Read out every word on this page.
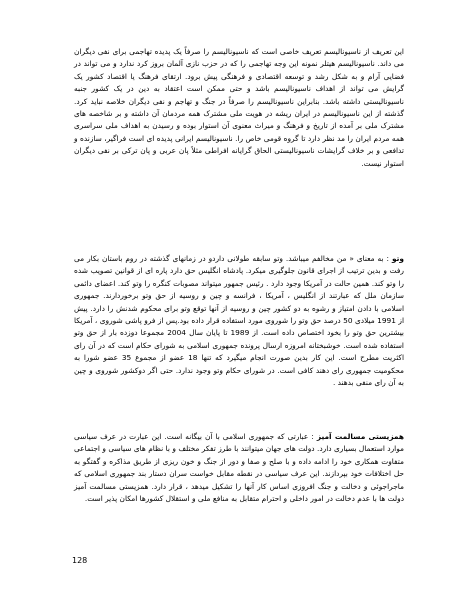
این تعریف از ناسیونالیسم تعریف خاصی است که ناسیونالیسم را صرفاً یک پدیده تهاجمی برای نفی دیگران می داند. ناسیونالیسم هیتلر نمونه این وجه تهاجمی را که در حزب نازی آلمان بروز کرد ندارد و می تواند در فضایی آرام و به شکل رشد و توسعه اقتصادی و فرهنگی پیش برود. ارتقای فرهنگ یا اقتصاد کشور یک گرایش می تواند از اهداف ناسیونالیسم باشد و حتی ممکن است اعتقاد به دین در یک کشور جنبه ناسیونالیستی داشته باشد. بنابراین ناسیونالیسم را صرفاً در جنگ و تهاجم و نفی دیگران خلاصه نباید کرد. گذشته از این ناسیونالیسم در ایران ریشه در هویت ملی مشترک همه مردمان آن داشته و بر شاخصه های مشترک ملی بر آمده از تاریخ و فرهنگ و میراث معنوی آن استوار بوده و رسیدن به اهداف ملی سراسری همه مردم ایران را مد نظر دارد تا گروه قومی خاص را. ناسیونالیسم ایرانی پدیده ای است فراگیر، سازنده و تدافعی و بر خلاف گرایشات ناسیونالیستی الحاق گرایانه افراطی مثلاً پان عربی و پان ترکی بر نفی دیگران استوار نیست.

وتو : به معنای « من مخالفم میباشد. وتو سابقه طولانی داردو در زمانهای گذشته در روم باستان بکار می رفت و بدین ترتیب از اجرای قانون جلوگیری میکرد. پادشاه انگلیس حق دارد پاره ای از قوانین تصویب شده را وتو کند. همین حالت در آمریکا وجود دارد . رئیس جمهور میتواند مصوبات کنگره را وتو کند. اعضای دائمی سازمان ملل که عبارتند از انگلیس ، آمریکا ، فرانسه و چین و روسیه از حق وتو برخوردارند. جمهوری اسلامی با دادن امتیاز و رشوه به دو کشور چین و روسیه از آنها توقع وتو برای محکوم شدنش را دارد. پیش از 1991 میلادی 50 درصد حق وتو را شوروی مورد استفاده قرار داده بود.پس از فرو پاشی شوروی ، آمریکا بیشترین حق وتو را بخود اختصاص داده است. از 1989 تا پایان سال 2004 مجموعا دوزده بار از حق وتو استفاده شده است. خوشبختانه امروزه ارسال پرونده جمهوری اسلامی به شورای حکام است که در آن رای اکثریت مطرح است. این کار بدین صورت انجام میگیرد که تنها 18 عضو از مجموع 35 عضو شورا به محکومیت جمهوری رای دهند کافی است. در شورای حکام وتو وجود ندارد. حتی اگر دوکشور شوروی و چین به آن رای منفی بدهند .

همزیستی مسالمت آمیز : عبارتی که جمهوری اسلامی با آن بیگانه است. این عبارت در عرف سیاسی موارد استعمال بسیاری دارد. دولت های جهان میتوانند با طرز تفکر مختلف و با نظام های سیاسی و اجتماعی متفاوت همکاری خود را ادامه داده و با صلح و صفا و دور از جنگ و خون ریزی از طریق مذاکره و گفتگو به حل اختلافات خود بپردازند. این عرف سیاسی در نقطه مقابل خواست سران دستار بند جمهوری اسلامی که ماجراجوئی و دخالت و جنگ افروزی اساس کار آنها را تشکیل میدهد ، قرار دارد. همزیستی مسالمت آمیز دولت ها با عدم دخالت در امور داخلی و احترام متقابل به منافع ملی و استقلال کشورها امکان پذیر است.

128
